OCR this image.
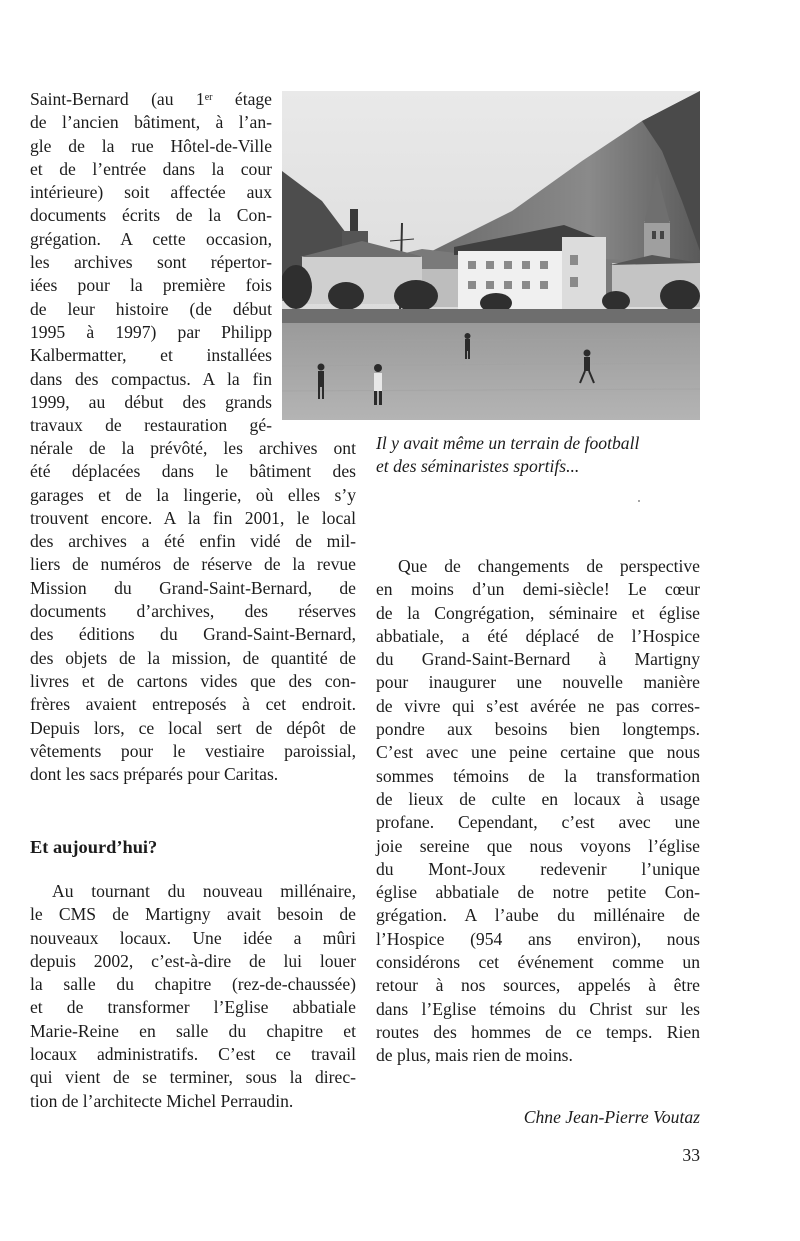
Saint-Bernard (au 1er étage
de l’ancien bâtiment, à l’an-
gle de la rue Hôtel-de-Ville
et de l’entrée dans la cour
intérieure) soit affectée aux
documents écrits de la Con-
grégation. A cette occasion,
les archives sont répertor-
iées pour la première fois
de leur histoire (de début
1995 à 1997) par Philipp
Kalbermatter, et installées
dans des compactus. A la fin
1999, au début des grands
travaux de restauration gé-
Il y avait même un terrain de football
et des séminaristes sportifs...
nérale de la prévôté, les archives ont
été déplacées dans le bâtiment des
garages et de la lingerie, où elles s’y
trouvent encore. A la fin 2001, le local
des archives a été enfin vidé de mil-
liers de numéros de réserve de la revue
Mission du Grand-Saint-Bernard, de
documents d’archives, des réserves
des éditions du Grand-Saint-Bernard,
des objets de la mission, de quantité de
livres et de cartons vides que des con-
frères avaient entreposés à cet endroit.
Depuis lors, ce local sert de dépôt de
vêtements pour le vestiaire paroissial,
dont les sacs préparés pour Caritas.
Et aujourd’hui?
Au tournant du nouveau millénaire,
le CMS de Martigny avait besoin de
nouveaux locaux. Une idée a mûri
depuis 2002, c’est-à-dire de lui louer
la salle du chapitre (rez-de-chaussée)
et de transformer l’Eglise abbatiale
Marie-Reine en salle du chapitre et
locaux administratifs. C’est ce travail
qui vient de se terminer, sous la direc-
tion de l’architecte Michel Perraudin.
Que de changements de perspective
en moins d’un demi-siècle! Le cœur
de la Congrégation, séminaire et église
abbatiale, a été déplacé de l’Hospice
du Grand-Saint-Bernard à Martigny
pour inaugurer une nouvelle manière
de vivre qui s’est avérée ne pas corres-
pondre aux besoins bien longtemps.
C’est avec une peine certaine que nous
sommes témoins de la transformation
de lieux de culte en locaux à usage
profane. Cependant, c’est avec une
joie sereine que nous voyons l’église
du Mont-Joux redevenir l’unique
église abbatiale de notre petite Con-
grégation. A l’aube du millénaire de
l’Hospice (954 ans environ), nous
considérons cet événement comme un
retour à nos sources, appelés à être
dans l’Eglise témoins du Christ sur les
routes des hommes de ce temps. Rien
de plus, mais rien de moins.
Chne Jean-Pierre Voutaz
33
